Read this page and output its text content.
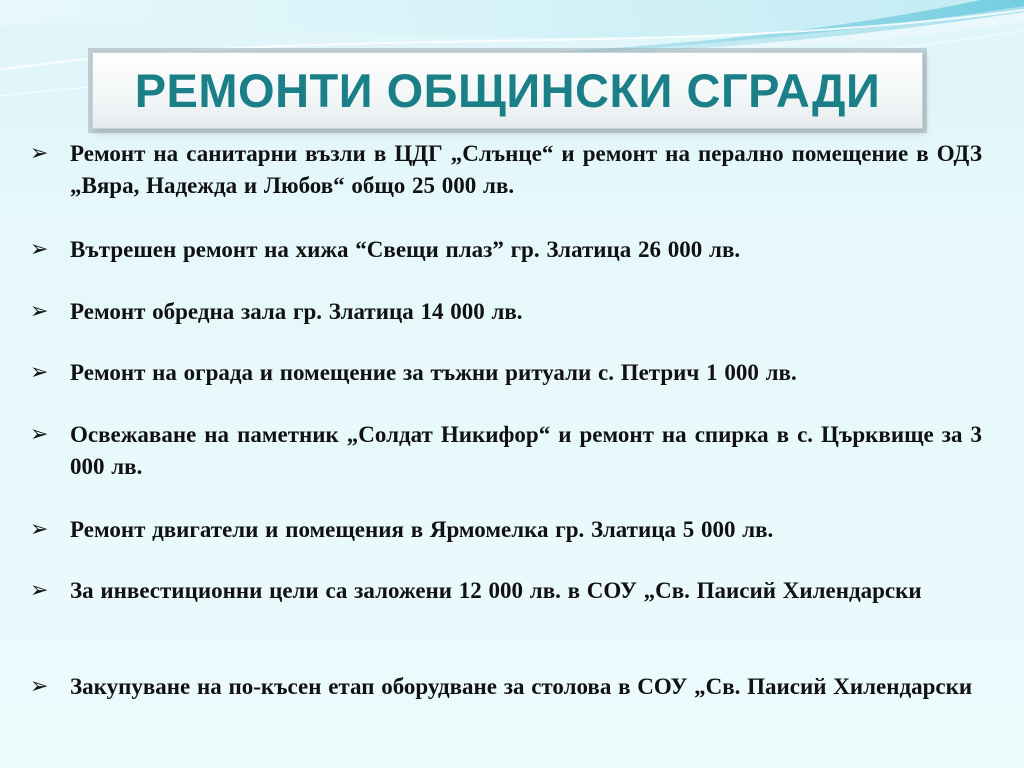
РЕМОНТИ ОБЩИНСКИ СГРАДИ
➢ Ремонт на санитарни възли в ЦДГ „Слънце“ и ремонт на перално помещение в ОДЗ „Вяра, Надежда и Любов“ общо 25 000 лв.
➢ Вътрешен ремонт на хижа “Свещи плаз” гр. Златица 26 000 лв.
➢ Ремонт обредна зала гр. Златица 14 000 лв.
➢ Ремонт на ограда и помещение за тъжни ритуали с. Петрич 1 000 лв.
➢ Освежаване на паметник „Солдат Никифор“ и ремонт на спирка в с. Църквище за 3 000 лв.
➢ Ремонт двигатели и помещения в Ярмомелка гр. Златица 5 000 лв.
➢ За инвестиционни цели са заложени 12 000 лв. в СОУ „Св. Паисий Хилендарски
➢ Закупуване на по-късен етап оборудване за столова в СОУ „Св. Паисий Хилендарски
